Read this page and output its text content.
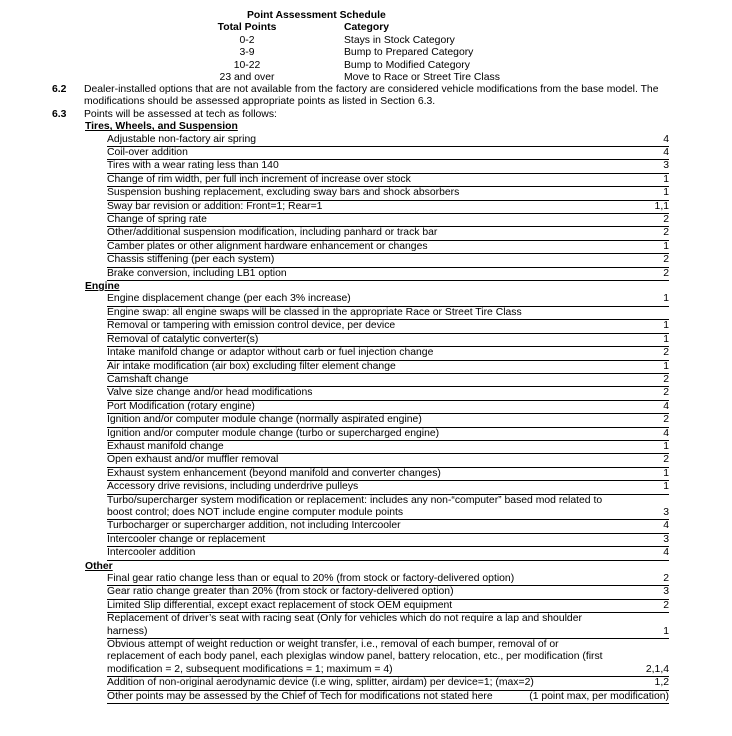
Point Assessment Schedule
Total Points	Category
0-2	Stays in Stock Category
3-9	Bump to Prepared Category
10-22	Bump to Modified Category
23 and over	Move to Race or Street Tire Class
6.2 Dealer-installed options that are not available from the factory are considered vehicle modifications from the base model. The modifications should be assessed appropriate points as listed in Section 6.3.

6.3 Points will be assessed at tech as follows:

Tires, Wheels, and Suspension
Adjustable non-factory air spring	4
Coil-over addition	4
Tires with a wear rating less than 140	3
Change of rim width, per full inch increment of increase over stock	1
Suspension bushing replacement, excluding sway bars and shock absorbers	1
Sway bar revision or addition: Front=1; Rear=1	1,1
Change of spring rate	2
Other/additional suspension modification, including panhard or track bar	2
Camber plates or other alignment hardware enhancement or changes	1
Chassis stiffening (per each system)	2
Brake conversion, including LB1 option	2
Engine
Engine displacement change (per each 3% increase)	1
Engine swap: all engine swaps will be classed in the appropriate Race or Street Tire Class
Removal or tampering with emission control device, per device	1
Removal of catalytic converter(s)	1
Intake manifold change or adaptor without carb or fuel injection change	2
Air intake modification (air box) excluding filter element change	1
Camshaft change	2
Valve size change and/or head modifications	2
Port Modification (rotary engine)	4
Ignition and/or computer module change (normally aspirated engine)	2
Ignition and/or computer module change (turbo or supercharged engine)	4
Exhaust manifold change	1
Open exhaust and/or muffler removal	2
Exhaust system enhancement (beyond manifold and converter changes)	1
Accessory drive revisions, including underdrive pulleys	1
Turbo/supercharger system modification or replacement: includes any non-“computer” based mod related to boost control; does NOT include engine computer module points	3
Turbocharger or supercharger addition, not including Intercooler	4
Intercooler change or replacement	3
Intercooler addition	4
Other
Final gear ratio change less than or equal to 20% (from stock or factory-delivered option)	2
Gear ratio change greater than 20% (from stock or factory-delivered option)	3
Limited Slip differential, except exact replacement of stock OEM equipment	2
Replacement of driver’s seat with racing seat (Only for vehicles which do not require a lap and shoulder harness)	1
Obvious attempt of weight reduction or weight transfer, i.e., removal of each bumper, removal of or replacement of each body panel, each plexiglas window panel, battery relocation, etc., per modification (first modification = 2, subsequent modifications = 1; maximum = 4)	2,1,4
Addition of non-original aerodynamic device (i.e wing, splitter, airdam) per device=1; (max=2)	1,2
Other points may be assessed by the Chief of Tech for modifications not stated here	(1 point max, per modification)
